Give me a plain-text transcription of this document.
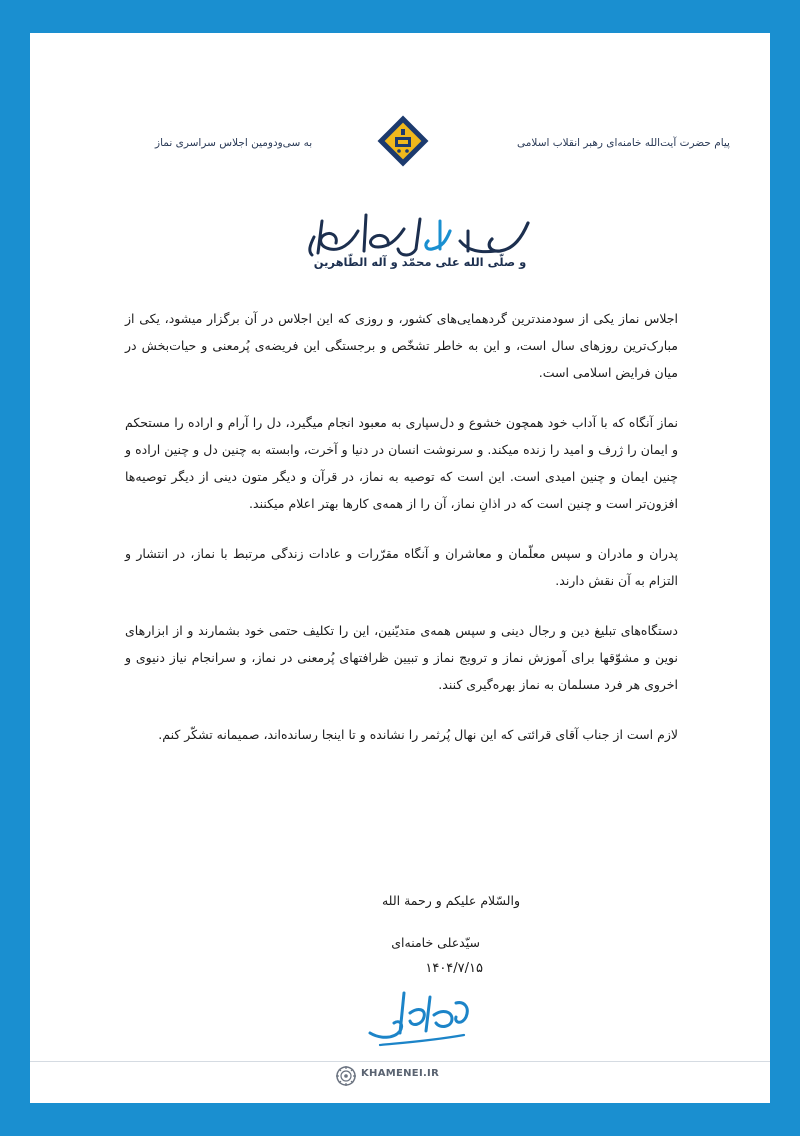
پیام حضرت آیت‌الله خامنه‌ای رهبر انقلاب اسلامی
به سی‌ودومین اجلاس سراسری نماز
و صلّی الله علی محمّد و آله الطّاهرین

اجلاس نماز یکی از سودمندترین گردهمایی‌های کشور، و روزی که این اجلاس در آن برگزار میشود، یکی از مبارک‌ترین روزهای سال است، و این به خاطر تشخّص و برجستگی این فریضه‌ی پُرمعنی و حیات‌بخش در میان فرایض اسلامی است.

نماز آنگاه که با آداب خود همچون خشوع و دل‌سپاری به معبود انجام میگیرد، دل را آرام و اراده را مستحکم و ایمان را ژرف و امید را زنده میکند. و سرنوشت انسان در دنیا و آخرت، وابسته به چنین دل و چنین اراده و چنین ایمان و چنین امیدی است. این است که توصیه به نماز، در قرآن و دیگر متون دینی از دیگر توصیه‌ها افزون‌تر است و چنین است که در اذانِ نماز، آن را از همه‌ی کارها بهتر اعلام میکنند.

پدران و مادران و سپس معلّمان و معاشران و آنگاه مقرّرات و عادات زندگی مرتبط با نماز، در انتشار و التزام به آن نقش دارند.

دستگاه‌های تبلیغ دین و رجال دینی و سپس همه‌ی متدیّنین، این را تکلیف حتمی خود بشمارند و از ابزارهای نوین و مشوّقها برای آموزش نماز و ترویج نماز و تبیین ظرافتهای پُرمعنی در نماز، و سرانجام نیاز دنیوی و اخروی هر فرد مسلمان به نماز بهره‌گیری کنند.

لازم است از جناب آقای قرائتی که این نهال پُرثمر را نشانده و تا اینجا رسانده‌اند، صمیمانه تشکّر کنم.

والسّلام علیکم و رحمة الله
سیّدعلی خامنه‌ای
۱۴۰۴/۷/۱۵
KHAMENEI.IR
